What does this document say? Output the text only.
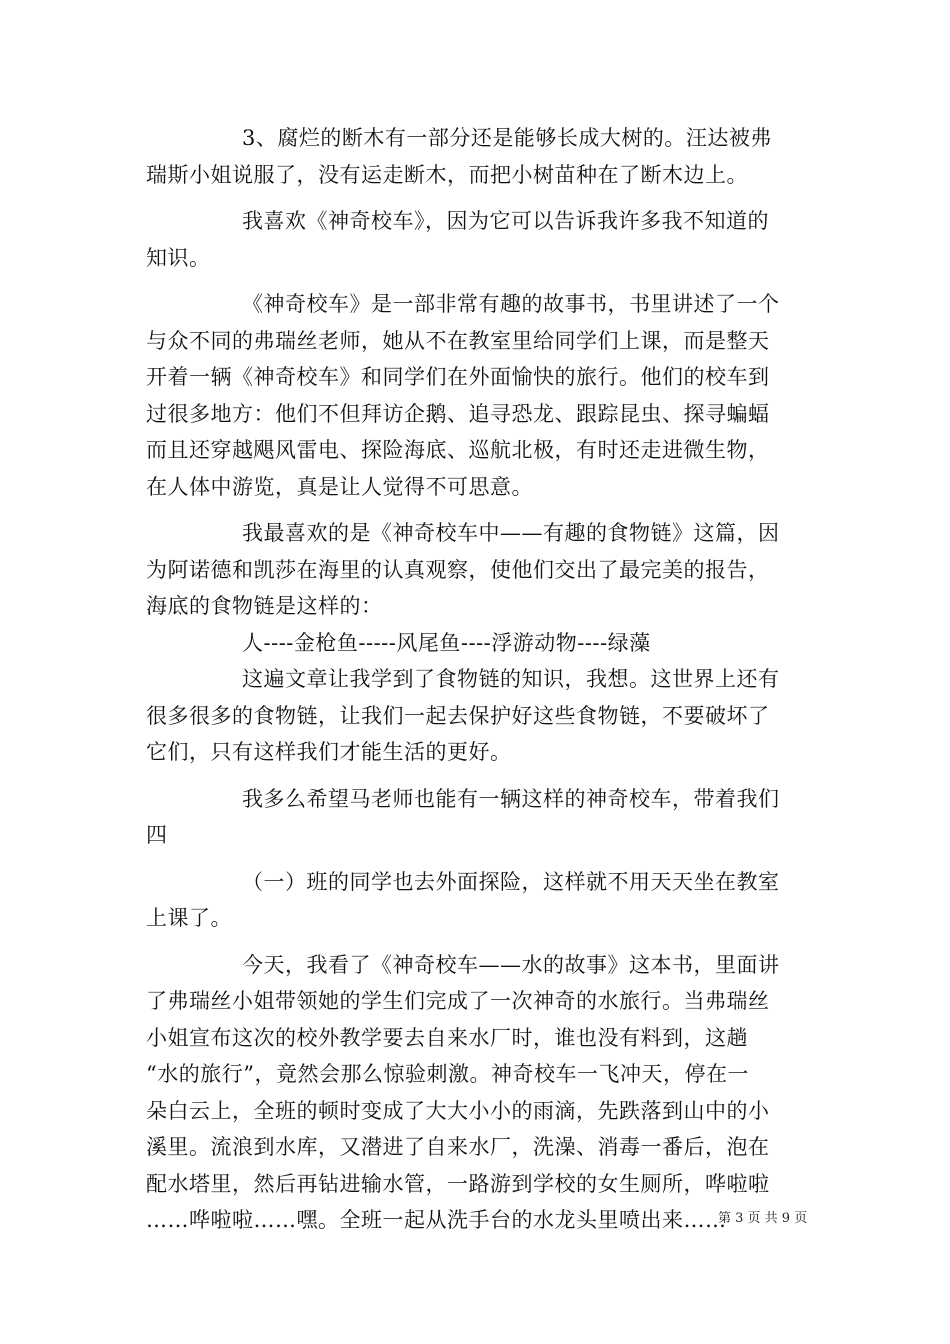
3、腐烂的断木有一部分还是能够长成大树的。汪达被弗
瑞斯小姐说服了，没有运走断木，而把小树苗种在了断木边上。

我喜欢《神奇校车》，因为它可以告诉我许多我不知道的
知识。

《神奇校车》是一部非常有趣的故事书，书里讲述了一个
与众不同的弗瑞丝老师，她从不在教室里给同学们上课，而是整天
开着一辆《神奇校车》和同学们在外面愉快的旅行。他们的校车到
过很多地方：他们不但拜访企鹅、追寻恐龙、跟踪昆虫、探寻蝙蝠
而且还穿越飓风雷电、探险海底、巡航北极，有时还走进微生物，
在人体中游览，真是让人觉得不可思意。

我最喜欢的是《神奇校车中——有趣的食物链》这篇，因
为阿诺德和凯莎在海里的认真观察，使他们交出了最完美的报告，
海底的食物链是这样的：
人----金枪鱼-----风尾鱼----浮游动物----绿藻
这遍文章让我学到了食物链的知识，我想。这世界上还有
很多很多的食物链，让我们一起去保护好这些食物链，不要破坏了
它们，只有这样我们才能生活的更好。

我多么希望马老师也能有一辆这样的神奇校车，带着我们
四

（一）班的同学也去外面探险，这样就不用天天坐在教室
上课了。

今天，我看了《神奇校车——水的故事》这本书，里面讲
了弗瑞丝小姐带领她的学生们完成了一次神奇的水旅行。当弗瑞丝
小姐宣布这次的校外教学要去自来水厂时，谁也没有料到，这趟
“水的旅行”，竟然会那么惊验刺激。神奇校车一飞冲天，停在一
朵白云上，全班的顿时变成了大大小小的雨滴，先跌落到山中的小
溪里。流浪到水库，又潜进了自来水厂，洗澡、消毒一番后，泡在
配水塔里，然后再钻进输水管，一路游到学校的女生厕所，哗啦啦
……哗啦啦……嘿。全班一起从洗手台的水龙头里喷出来……

第 3 页 共 9 页
